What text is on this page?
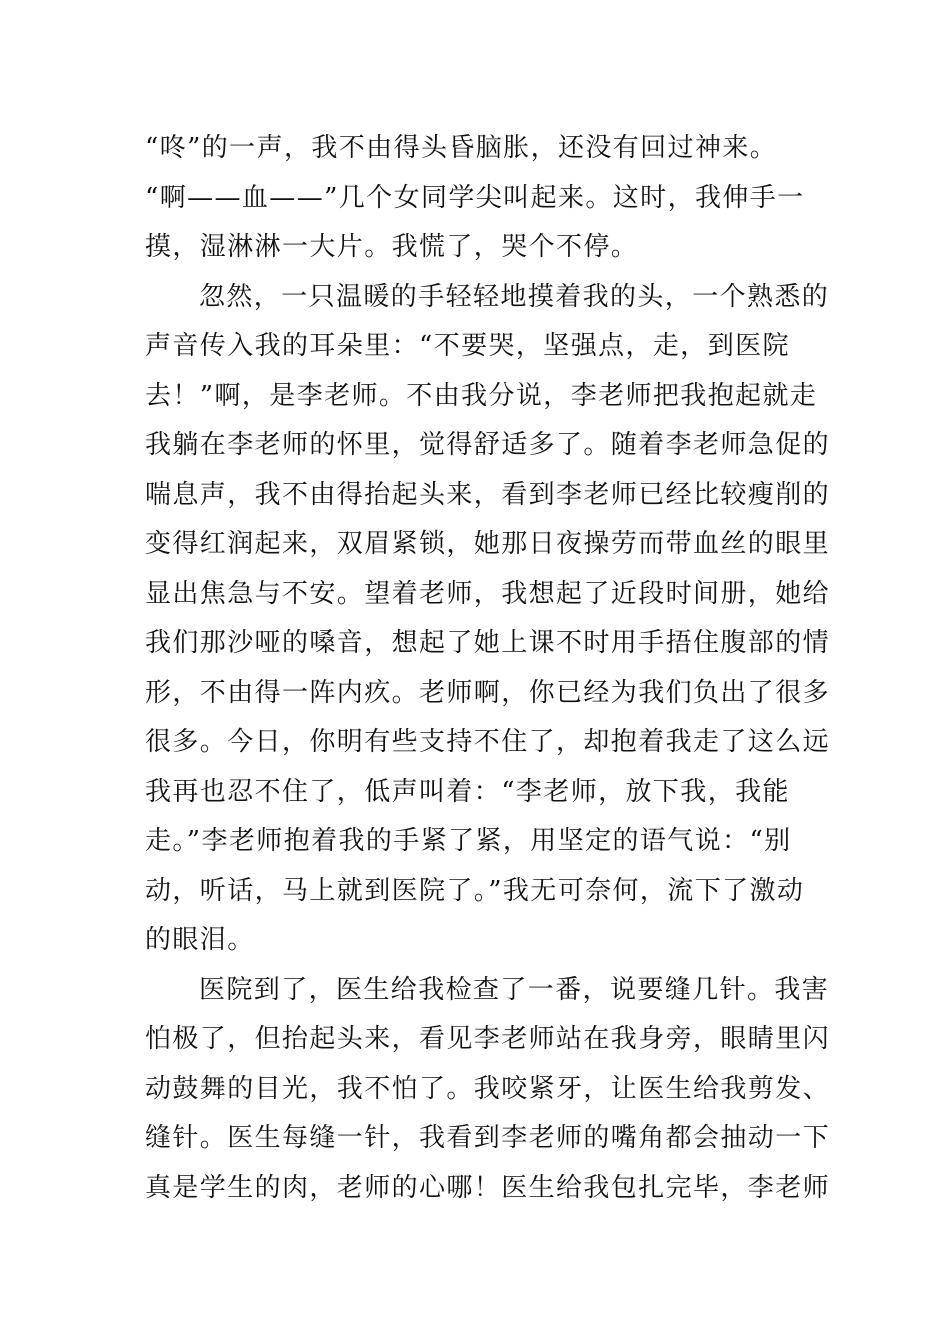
“咚”的一声，我不由得头昏脑胀，还没有回过神来。
“啊——血——”几个女同学尖叫起来。这时，我伸手一
摸，湿淋淋一大片。我慌了，哭个不停。
忽然，一只温暖的手轻轻地摸着我的头，一个熟悉的
声音传入我的耳朵里：“不要哭，坚强点，走，到医院
去！”啊，是李老师。不由我分说，李老师把我抱起就走
我躺在李老师的怀里，觉得舒适多了。随着李老师急促的
喘息声，我不由得抬起头来，看到李老师已经比较瘦削的
变得红润起来，双眉紧锁，她那日夜操劳而带血丝的眼里
显出焦急与不安。望着老师，我想起了近段时间册，她给
我们那沙哑的嗓音，想起了她上课不时用手捂住腹部的情
形，不由得一阵内疚。老师啊，你已经为我们负出了很多
很多。今日，你明有些支持不住了，却抱着我走了这么远
我再也忍不住了，低声叫着：“李老师，放下我，我能
走。”李老师抱着我的手紧了紧，用坚定的语气说：“别
动，听话，马上就到医院了。”我无可奈何，流下了激动
的眼泪。
医院到了，医生给我检查了一番，说要缝几针。我害
怕极了，但抬起头来，看见李老师站在我身旁，眼睛里闪
动鼓舞的目光，我不怕了。我咬紧牙，让医生给我剪发、
缝针。医生每缝一针，我看到李老师的嘴角都会抽动一下
真是学生的肉，老师的心哪！医生给我包扎完毕，李老师
